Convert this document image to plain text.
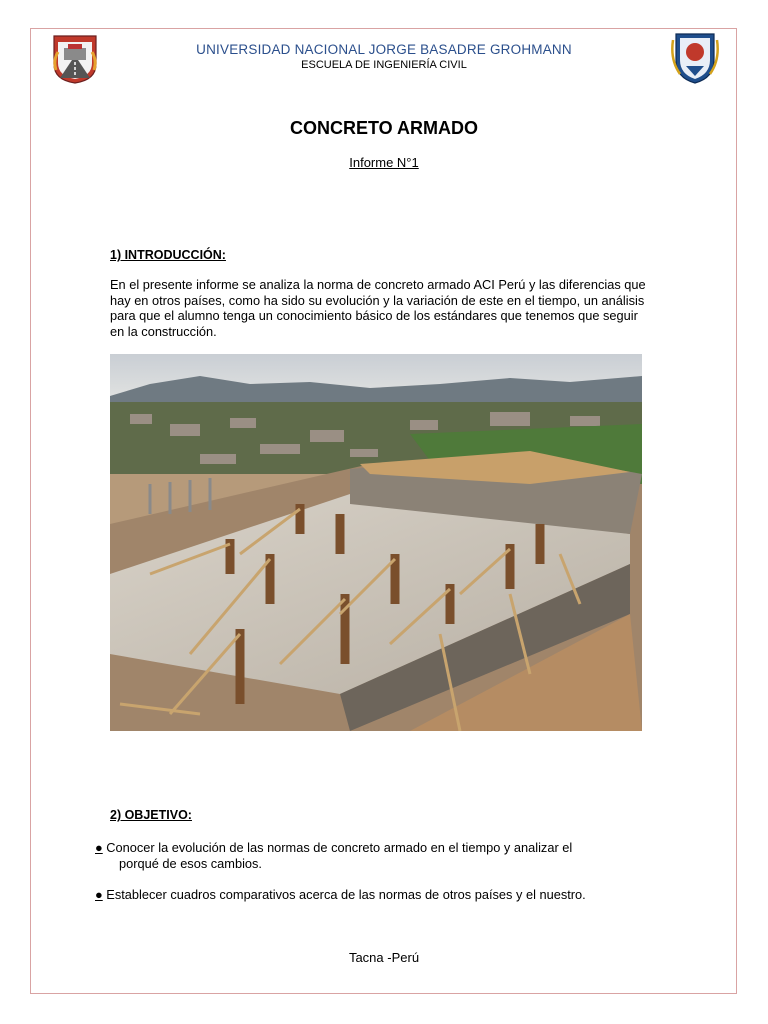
UNIVERSIDAD NACIONAL JORGE BASADRE GROHMANN
ESCUELA DE INGENIERÍA CIVIL
CONCRETO ARMADO
Informe N°1
1) INTRODUCCIÓN:
En el presente informe se analiza la norma de concreto armado ACI Perú y las diferencias que hay en otros países, como ha sido su evolución y la variación de este en el tiempo, un análisis para que el alumno tenga un conocimiento básico de los estándares que tenemos que seguir en la construcción.
2) OBJETIVO:
● Conocer la evolución de las normas de concreto armado en el tiempo y analizar el
porqué de esos cambios.
● Establecer cuadros comparativos acerca de las normas de otros países y el nuestro.
Tacna -Perú
